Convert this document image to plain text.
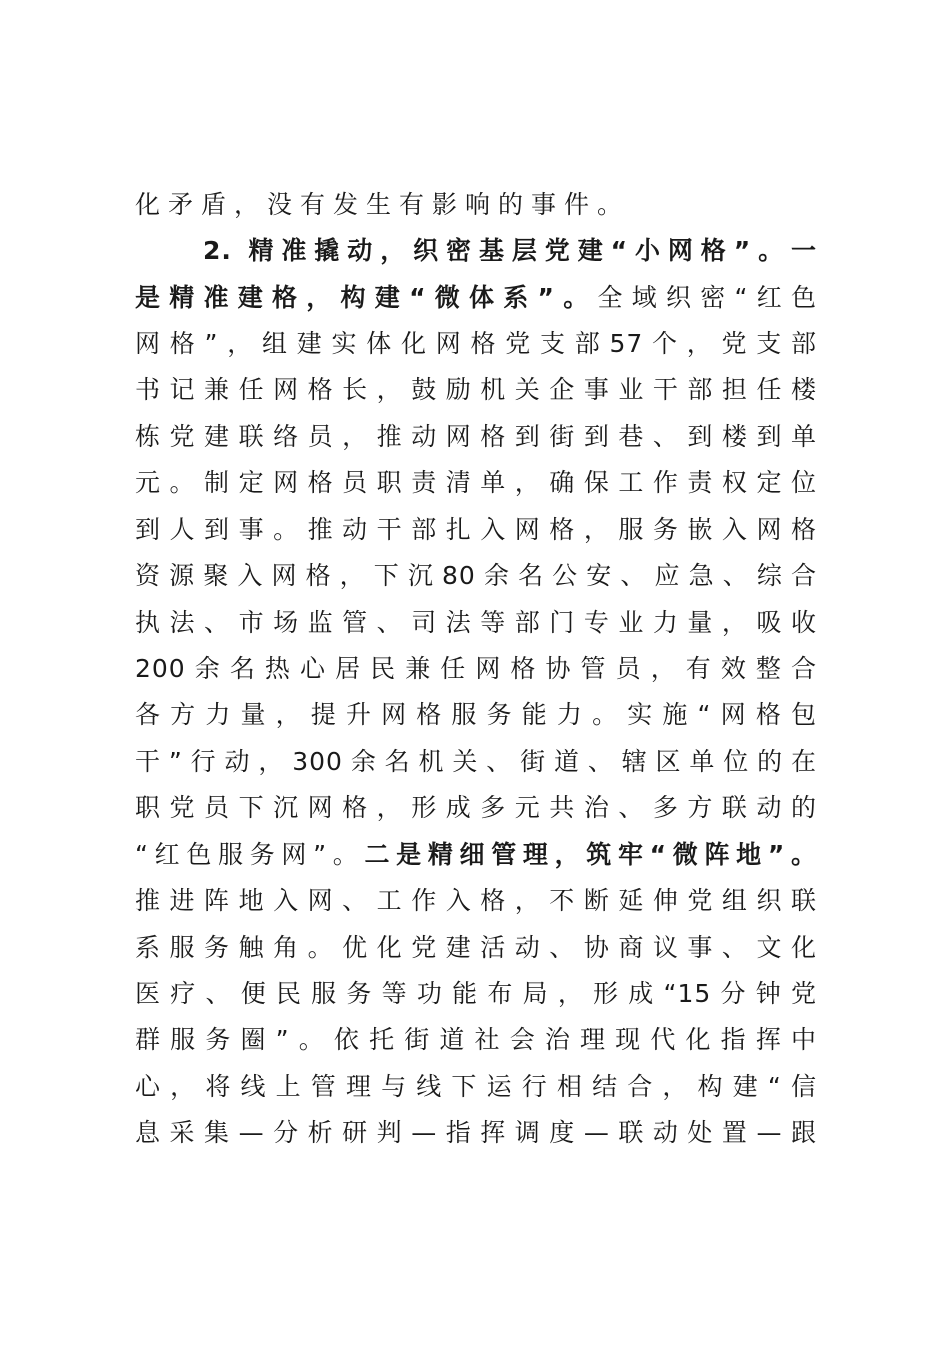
化矛盾，没有发生有影响的事件。
2. 精准撬动，织密基层党建“小网格”。一
是精准建格，构建“微体系”。全域织密“红色
网格”，组建实体化网格党支部57个，党支部
书记兼任网格长，鼓励机关企事业干部担任楼
栋党建联络员，推动网格到街到巷、到楼到单
元。制定网格员职责清单，确保工作责权定位
到人到事。推动干部扎入网格，服务嵌入网格
资源聚入网格，下沉80余名公安、应急、综合
执法、市场监管、司法等部门专业力量，吸收
200余名热心居民兼任网格协管员，有效整合
各方力量，提升网格服务能力。实施“网格包
干”行动，300余名机关、街道、辖区单位的在
职党员下沉网格，形成多元共治、多方联动的
“红色服务网”。二是精细管理，筑牢“微阵地”。
推进阵地入网、工作入格，不断延伸党组织联
系服务触角。优化党建活动、协商议事、文化
医疗、便民服务等功能布局，形成“15分钟党
群服务圈”。依托街道社会治理现代化指挥中
心，将线上管理与线下运行相结合，构建“信
息采集—分析研判—指挥调度—联动处置—跟
